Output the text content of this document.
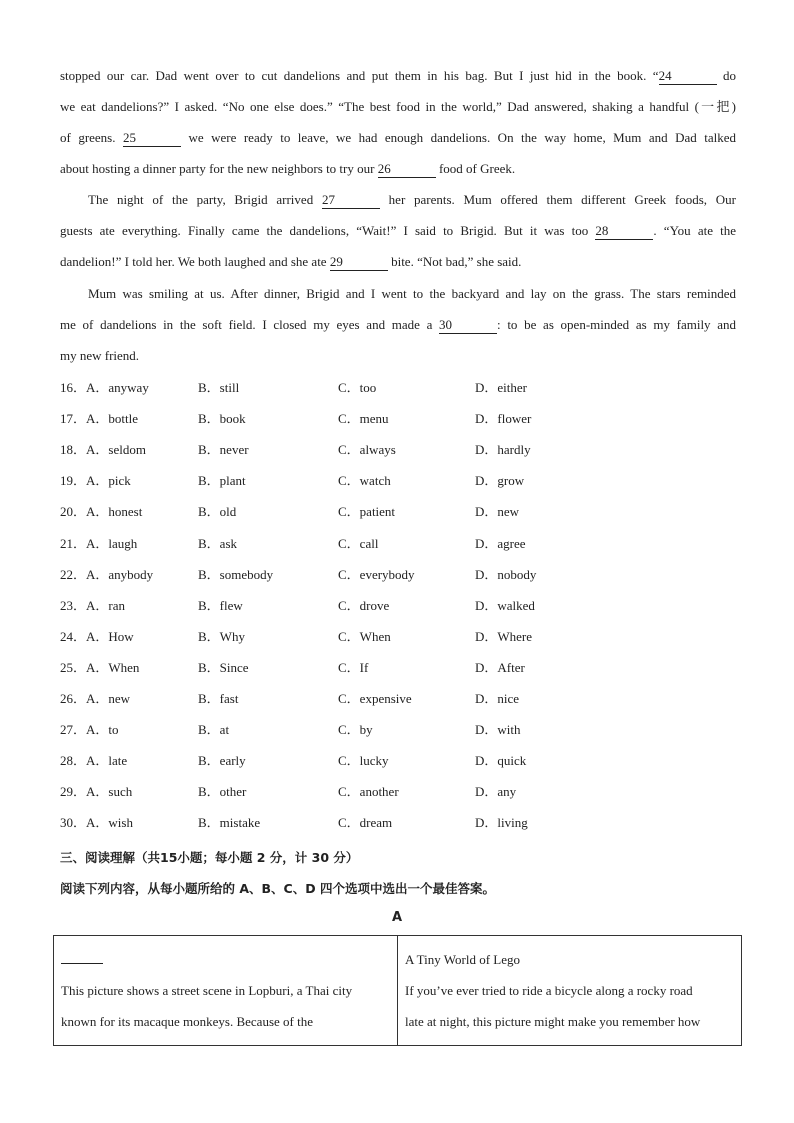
stopped our car. Dad went over to cut dandelions and put them in his bag. But I just hid in the book. “24	do
we eat dandelions?” I asked. “No one else does.” “The best food in the world,” Dad answered, shaking a handful (一把)
of greens. 25	we were ready to leave, we had enough dandelions. On the way home, Mum and Dad talked
about hosting a dinner party for the new neighbors to try our 26	food of Greek.
The night of the party, Brigid arrived 27	her parents. Mum offered them different Greek foods, Our
guests ate everything. Finally came the dandelions, “Wait!” I said to Brigid. But it was too 28	. “You ate the
dandelion!” I told her. We both laughed and she ate 29	bite. “Not bad,” she said.
Mum was smiling at us. After dinner, Brigid and I went to the backyard and lay on the grass. The stars reminded
me of dandelions in the soft field. I closed my eyes and made a 30	: to be as open-minded as my family and
my new friend.
16．A．anyway	B．still	C．too	D．either
17．A．bottle	B．book	C．menu	D．flower
18．A．seldom	B．never	C．always	D．hardly
19．A．pick	B．plant	C．watch	D．grow
20．A．honest	B．old	C．patient	D．new
21．A．laugh	B．ask	C．call	D．agree
22．A．anybody	B．somebody	C．everybody	D．nobody
23．A．ran	B．flew	C．drove	D．walked
24．A．How	B．Why	C．When	D．Where
25．A．When	B．Since	C．If	D．After
26．A．new	B．fast	C．expensive	D．nice
27．A．to	B．at	C．by	D．with
28．A．late	B．early	C．lucky	D．quick
29．A．such	B．other	C．another	D．any
30．A．wish	B．mistake	C．dream	D．living
三、阅读理解（共15小题；每小题 2 分，计 30 分）
阅读下列内容，从每小题所给的 A、B、C、D 四个选项中选出一个最佳答案。
A
This picture shows a street scene in Lopburi, a Thai city
known for its macaque monkeys. Because of the

A Tiny World of Lego
If you’ve ever tried to ride a bicycle along a rocky road
late at night, this picture might make you remember how
